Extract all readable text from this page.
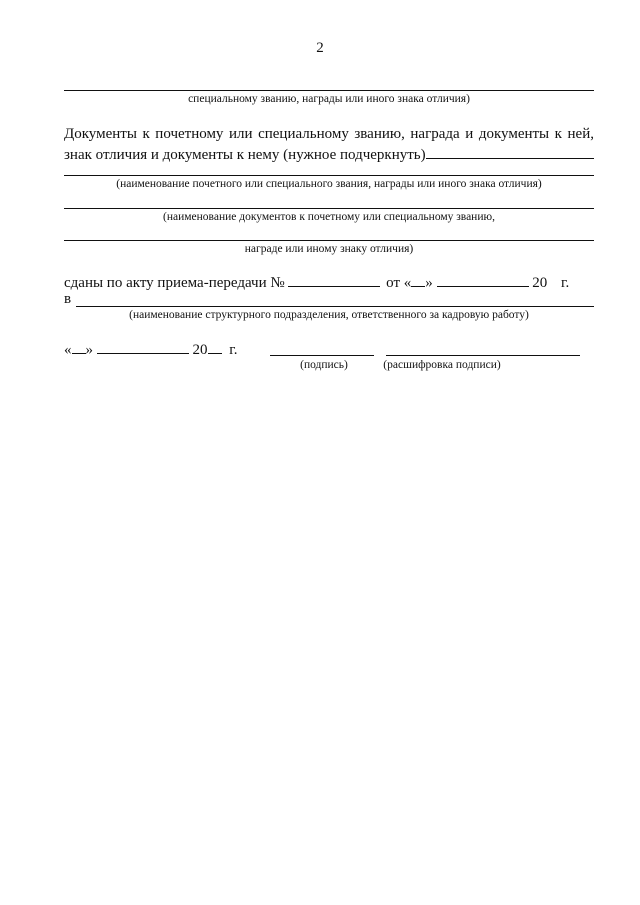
2
специальному званию, награды или иного знака отличия)
Документы к почетному или специальному званию, награда и документы к ней,
знак отличия и документы к нему (нужное подчеркнуть)
(наименование почетного или специального звания, награды или иного знака отличия)
(наименование документов к почетному или специальному званию,
награде или иному знаку отличия)
сданы по акту приема-передачи №	от « »	20 г.
в
(наименование структурного подразделения, ответственного за кадровую работу)
« »	20 г.
(подпись)	(расшифровка подписи)
